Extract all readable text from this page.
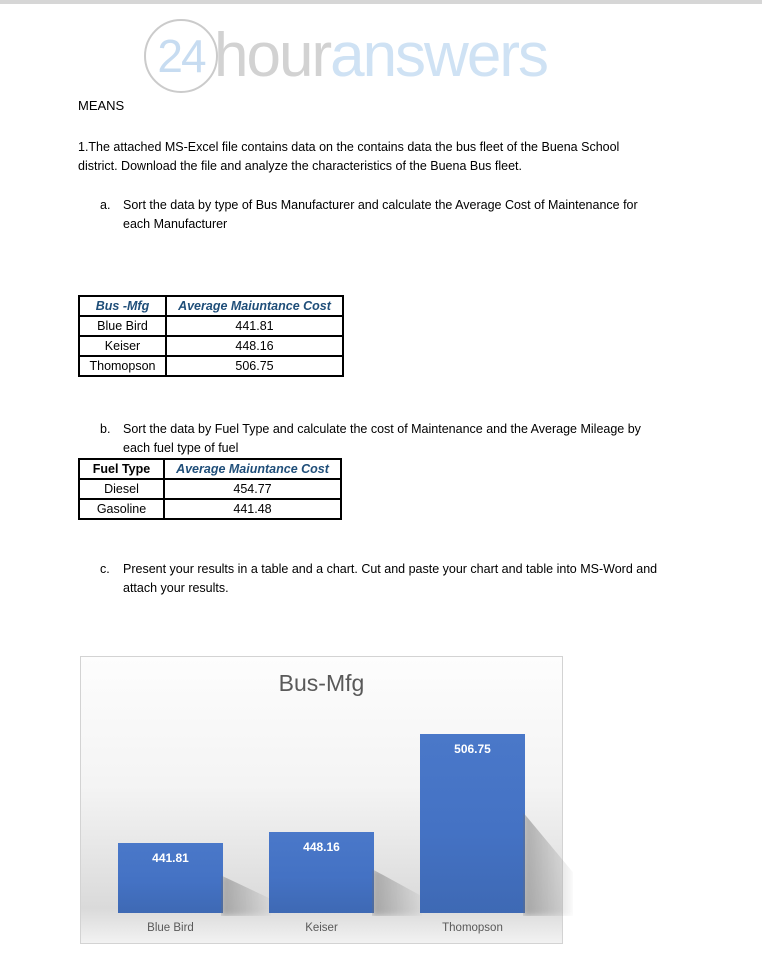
24 hour answers
MEANS
1.The attached MS-Excel file contains data on the contains data the bus fleet of the Buena School district. Download the file and analyze the characteristics of the Buena Bus fleet.
a.	Sort the data by type of Bus Manufacturer and calculate the Average Cost of Maintenance for each Manufacturer
b.	Sort the data by Fuel Type and calculate the cost of Maintenance and the Average Mileage by each fuel type of fuel
c.	Present your results in a table and a chart. Cut and paste your chart and table into MS-Word and attach your results.
Bus -Mfg	Average Maiuntance Cost
Blue Bird	441.81
Keiser	448.16
Thomopson	506.75
Fuel Type	Average Maiuntance Cost
Diesel	454.77
Gasoline	441.48
Bus-Mfg
441.81
448.16
506.75
Blue Bird	Keiser	Thomopson
